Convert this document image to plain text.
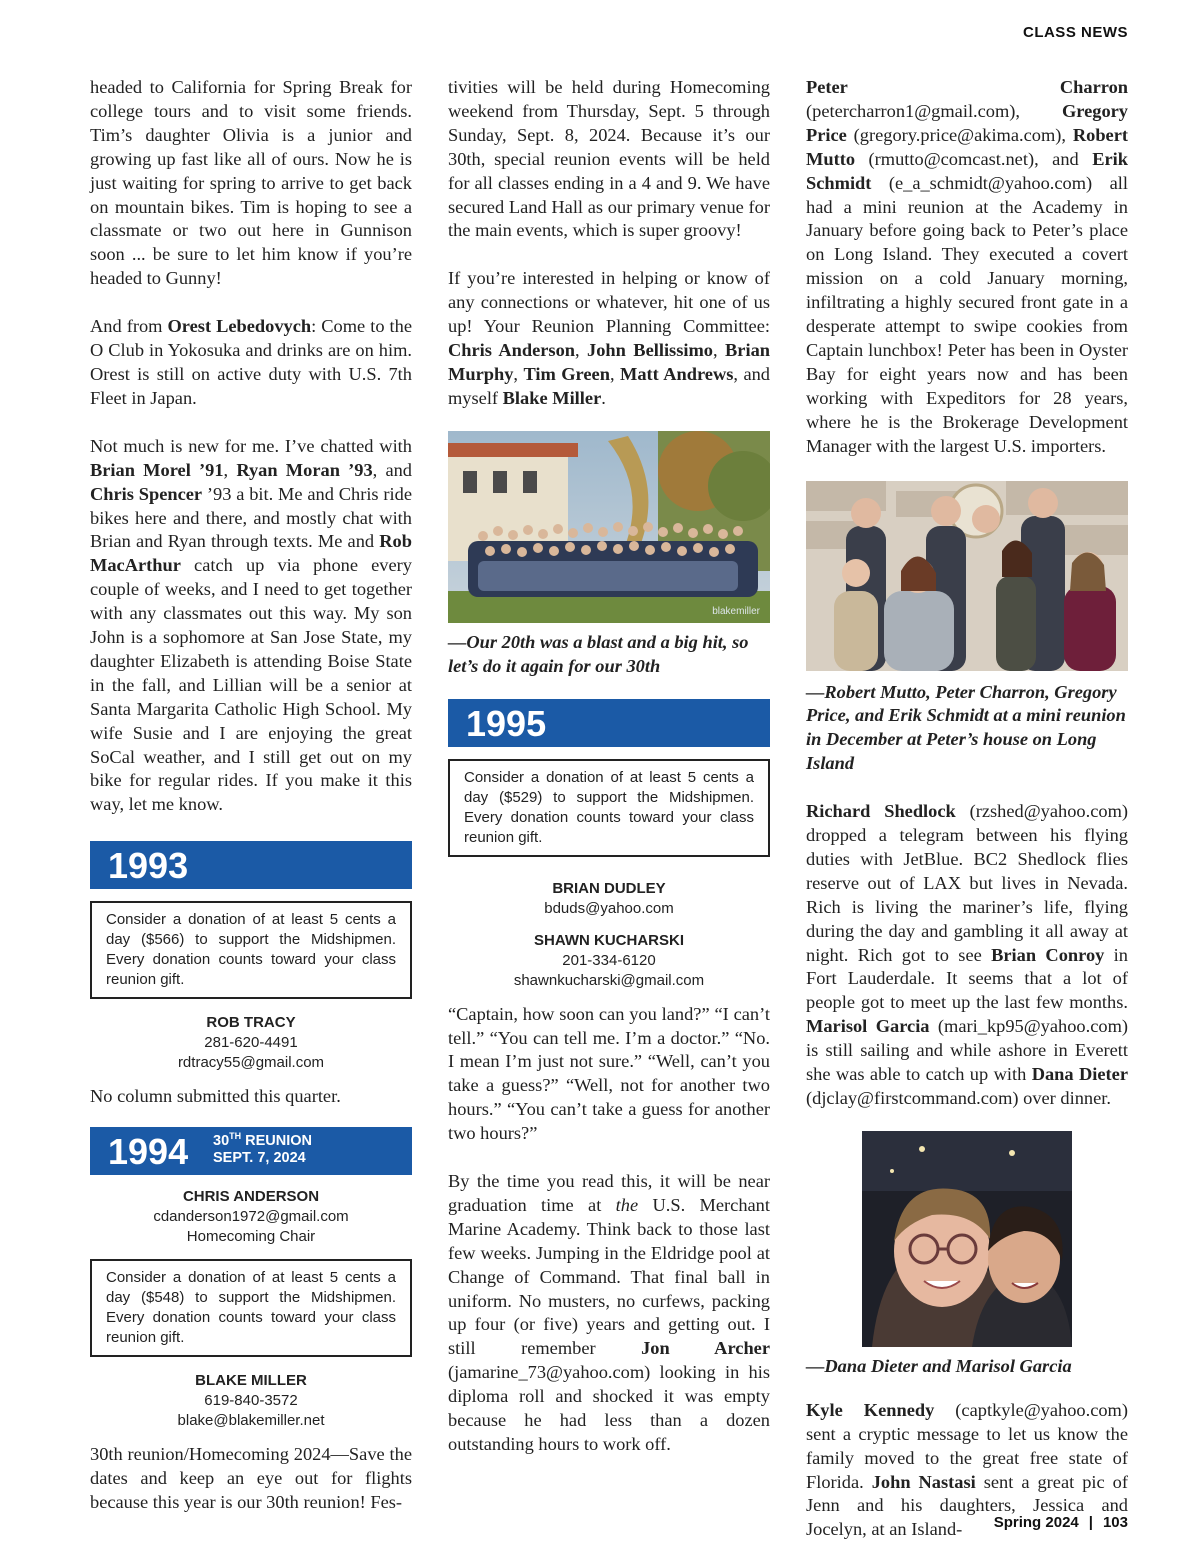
CLASS NEWS

headed to California for Spring Break for college tours and to visit some friends. Tim’s daughter Olivia is a junior and growing up fast like all of ours. Now he is just waiting for spring to arrive to get back on mountain bikes. Tim is hoping to see a classmate or two out here in Gunnison soon ... be sure to let him know if you’re headed to Gunny!

And from Orest Lebedovych: Come to the O Club in Yokosuka and drinks are on him. Orest is still on active duty with U.S. 7th Fleet in Japan.

Not much is new for me. I’ve chatted with Brian Morel ’91, Ryan Moran ’93, and Chris Spencer ’93 a bit. Me and Chris ride bikes here and there, and mostly chat with Brian and Ryan through texts. Me and Rob MacArthur catch up via phone every couple of weeks, and I need to get together with any classmates out this way. My son John is a sophomore at San Jose State, my daughter Elizabeth is attending Boise State in the fall, and Lillian will be a senior at Santa Margarita Catholic High School. My wife Susie and I are enjoying the great SoCal weather, and I still get out on my bike for regular rides. If you make it this way, let me know.

1993
Consider a donation of at least 5 cents a day ($566) to support the Midshipmen. Every donation counts toward your class reunion gift.
ROB TRACY
281-620-4491
rdtracy55@gmail.com

No column submitted this quarter.

1994 30TH REUNION
SEPT. 7, 2024
CHRIS ANDERSON
cdanderson1972@gmail.com
Homecoming Chair
Consider a donation of at least 5 cents a day ($548) to support the Midshipmen. Every donation counts toward your class reunion gift.
BLAKE MILLER
619-840-3572
blake@blakemiller.net

30th reunion/Homecoming 2024—Save the dates and keep an eye out for flights because this year is our 30th reunion! Fes-

tivities will be held during Homecoming weekend from Thursday, Sept. 5 through Sunday, Sept. 8, 2024. Because it’s our 30th, special reunion events will be held for all classes ending in a 4 and 9. We have secured Land Hall as our primary venue for the main events, which is super groovy!

If you’re interested in helping or know of any connections or whatever, hit one of us up! Your Reunion Planning Committee: Chris Anderson, John Bellissimo, Brian Murphy, Tim Green, Matt Andrews, and myself Blake Miller.

blakemiller

—Our 20th was a blast and a big hit, so let’s do it again for our 30th

1995
Consider a donation of at least 5 cents a day ($529) to support the Midshipmen. Every donation counts toward your class reunion gift.
BRIAN DUDLEY
bduds@yahoo.com
SHAWN KUCHARSKI
201-334-6120
shawnkucharski@gmail.com

“Captain, how soon can you land?” “I can’t tell.” “You can tell me. I’m a doctor.” “No. I mean I’m just not sure.” “Well, can’t you take a guess?” “Well, not for another two hours.” “You can’t take a guess for another two hours?”

By the time you read this, it will be near graduation time at the U.S. Merchant Marine Academy. Think back to those last few weeks. Jumping in the Eldridge pool at Change of Command. That final ball in uniform. No musters, no curfews, packing up four (or five) years and getting out. I still remember Jon Archer (jamarine_73@yahoo.com) looking in his diploma roll and shocked it was empty because he had less than a dozen outstanding hours to work off.

Peter Charron (petercharron1@gmail.com), Gregory Price (gregory.price@akima.com), Robert Mutto (rmutto@comcast.net), and Erik Schmidt (e_a_schmidt@yahoo.com) all had a mini reunion at the Academy in January before going back to Peter’s place on Long Island. They executed a covert mission on a cold January morning, infiltrating a highly secured front gate in a desperate attempt to swipe cookies from Captain lunchbox! Peter has been in Oyster Bay for eight years now and has been working with Expeditors for 28 years, where he is the Brokerage Development Manager with the largest U.S. importers.

—Robert Mutto, Peter Charron, Gregory Price, and Erik Schmidt at a mini reunion in December at Peter’s house on Long Island

Richard Shedlock (rzshed@yahoo.com) dropped a telegram between his flying duties with JetBlue. BC2 Shedlock flies reserve out of LAX but lives in Nevada. Rich is living the mariner’s life, flying during the day and gambling it all away at night. Rich got to see Brian Conroy in Fort Lauderdale. It seems that a lot of people got to meet up the last few months. Marisol Garcia (mari_kp95@yahoo.com) is still sailing and while ashore in Everett she was able to catch up with Dana Dieter (djclay@firstcommand.com) over dinner.

—Dana Dieter and Marisol Garcia

Kyle Kennedy (captkyle@yahoo.com) sent a cryptic message to let us know the family moved to the great free state of Florida. John Nastasi sent a great pic of Jenn and his daughters, Jessica and Jocelyn, at an Island-	Spring 2024 | 103
